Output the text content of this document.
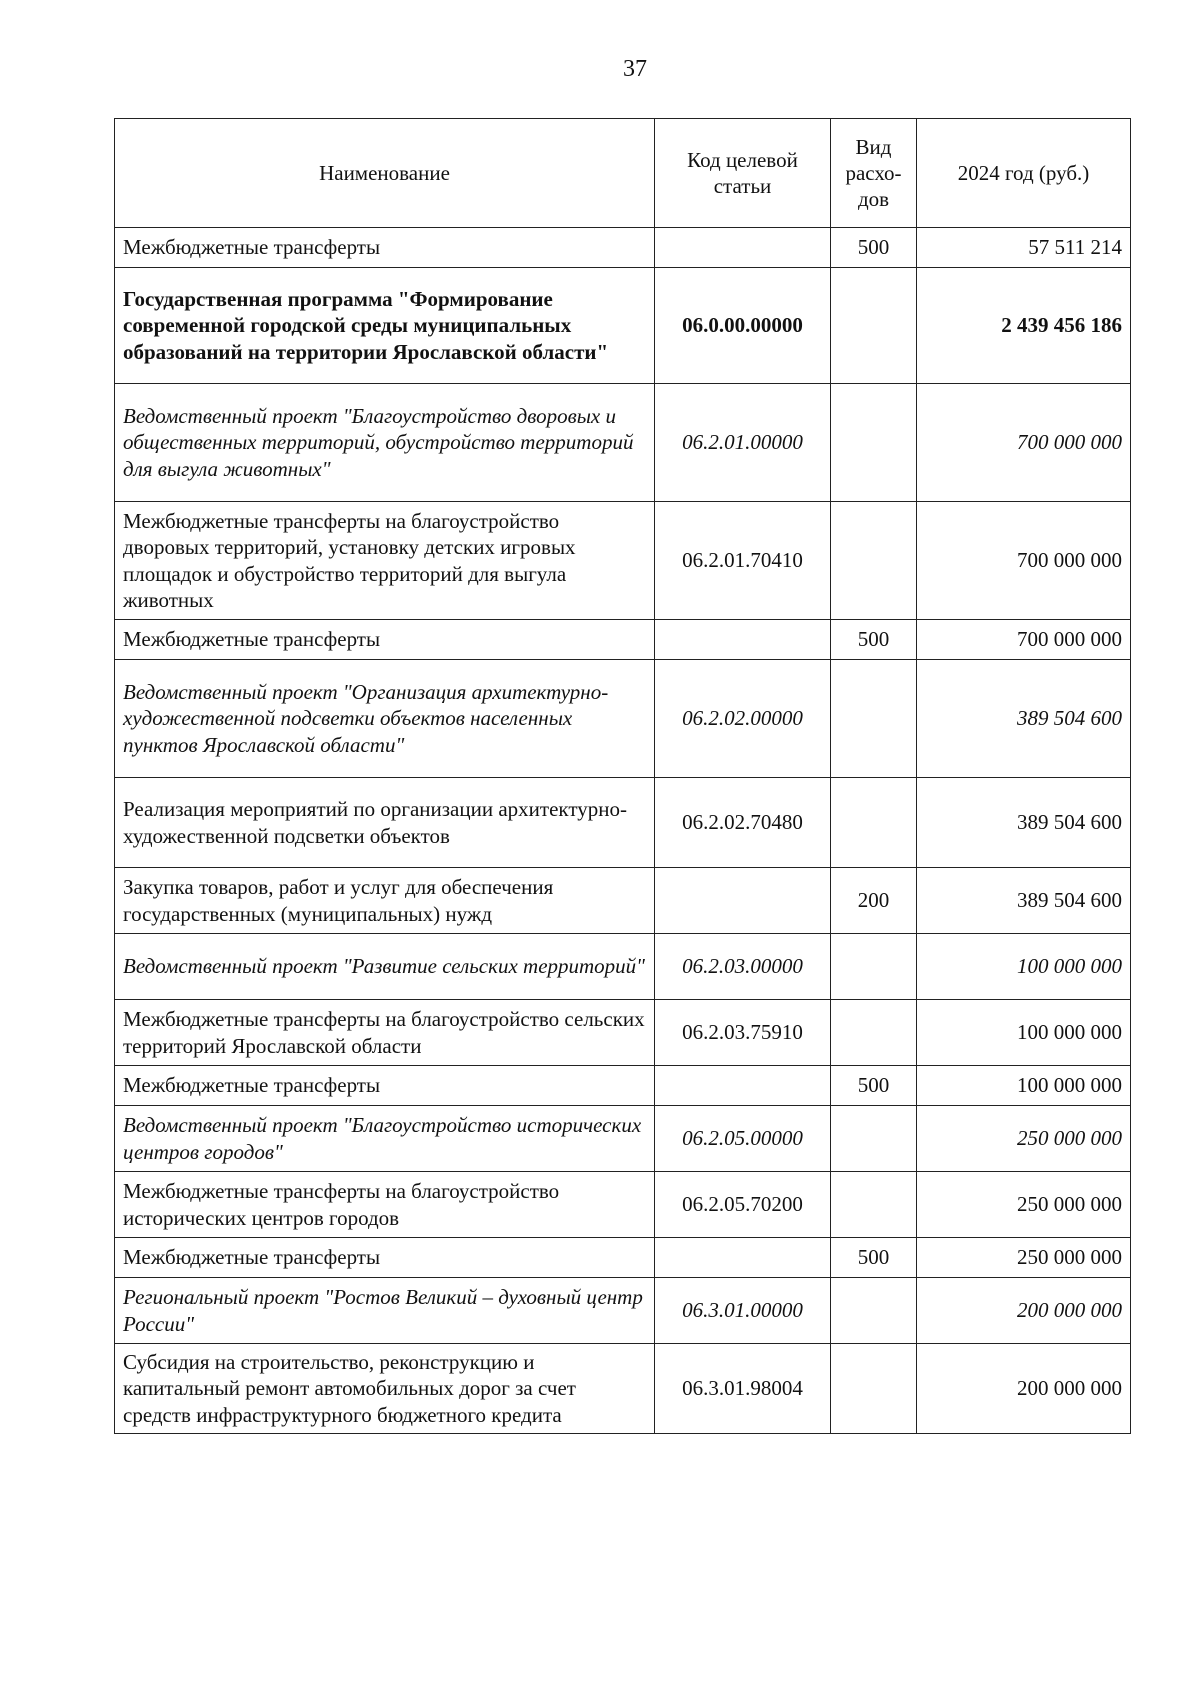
37
Наименование	Код целевой статьи	Вид расхо-дов	2024 год (руб.)
Межбюджетные трансферты		500	57 511 214
Государственная программа "Формирование современной городской среды муниципальных образований на территории Ярославской области"	06.0.00.00000		2 439 456 186
Ведомственный проект "Благоустройство дворовых и общественных территорий, обустройство территорий для выгула животных"	06.2.01.00000		700 000 000
Межбюджетные трансферты на благоустройство дворовых территорий, установку детских игровых площадок и обустройство территорий для выгула животных	06.2.01.70410		700 000 000
Межбюджетные трансферты		500	700 000 000
Ведомственный проект "Организация архитектурно-художественной подсветки объектов населенных пунктов Ярославской области"	06.2.02.00000		389 504 600
Реализация мероприятий по организации архитектурно-художественной подсветки объектов	06.2.02.70480		389 504 600
Закупка товаров, работ и услуг для обеспечения государственных (муниципальных) нужд		200	389 504 600
Ведомственный проект "Развитие сельских территорий"	06.2.03.00000		100 000 000
Межбюджетные трансферты на благоустройство сельских территорий Ярославской области	06.2.03.75910		100 000 000
Межбюджетные трансферты		500	100 000 000
Ведомственный проект "Благоустройство исторических центров городов"	06.2.05.00000		250 000 000
Межбюджетные трансферты на благоустройство исторических центров городов	06.2.05.70200		250 000 000
Межбюджетные трансферты		500	250 000 000
Региональный проект "Ростов Великий – духовный центр России"	06.3.01.00000		200 000 000
Субсидия на строительство, реконструкцию и капитальный ремонт автомобильных дорог за счет средств инфраструктурного бюджетного кредита	06.3.01.98004		200 000 000
